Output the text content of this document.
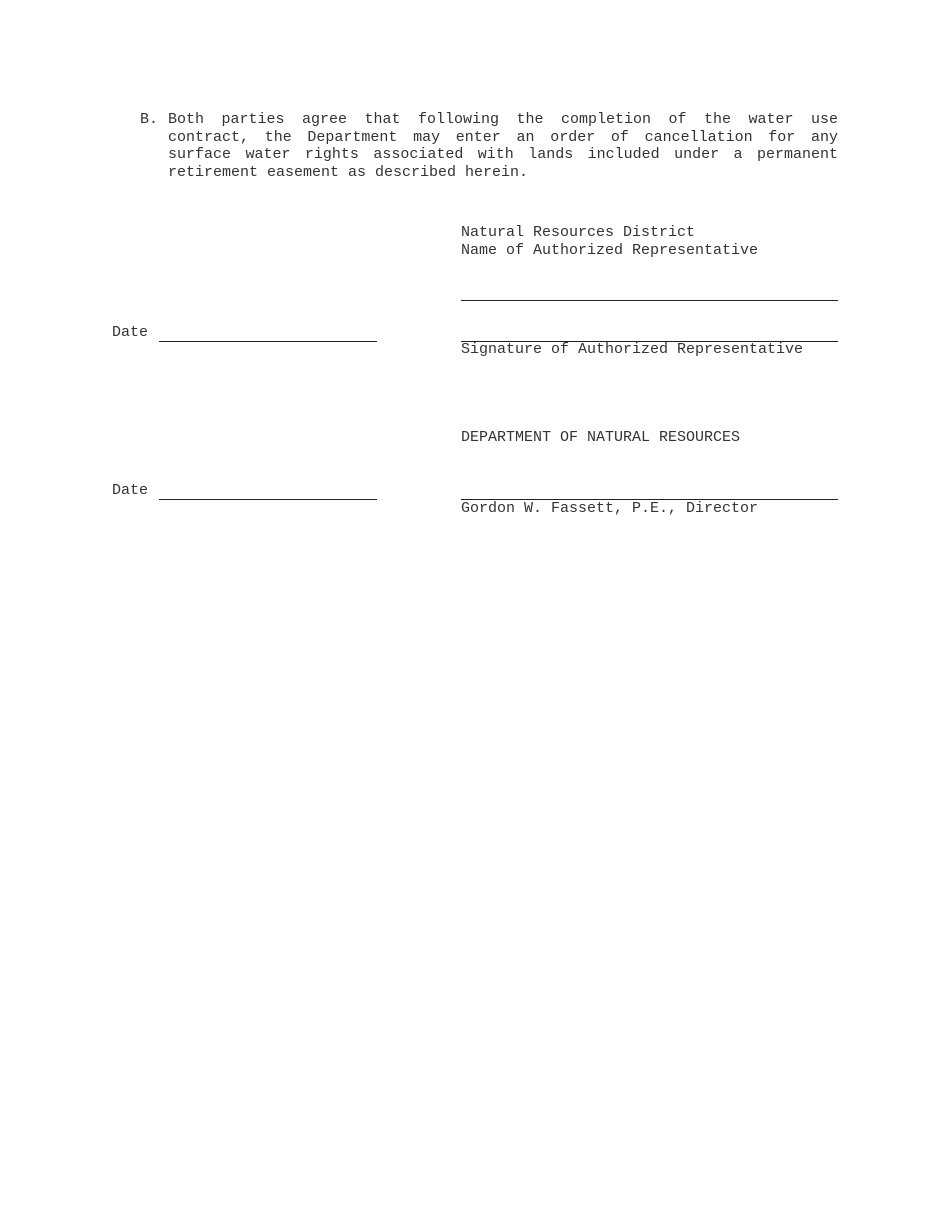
B. Both parties agree that following the completion of the water use contract, the Department may enter an order of cancellation for any surface water rights associated with lands included under a permanent retirement easement as described herein.
Natural Resources District
Name of Authorized Representative
Date
Signature of Authorized Representative
DEPARTMENT OF NATURAL RESOURCES
Date
Gordon W. Fassett, P.E., Director
